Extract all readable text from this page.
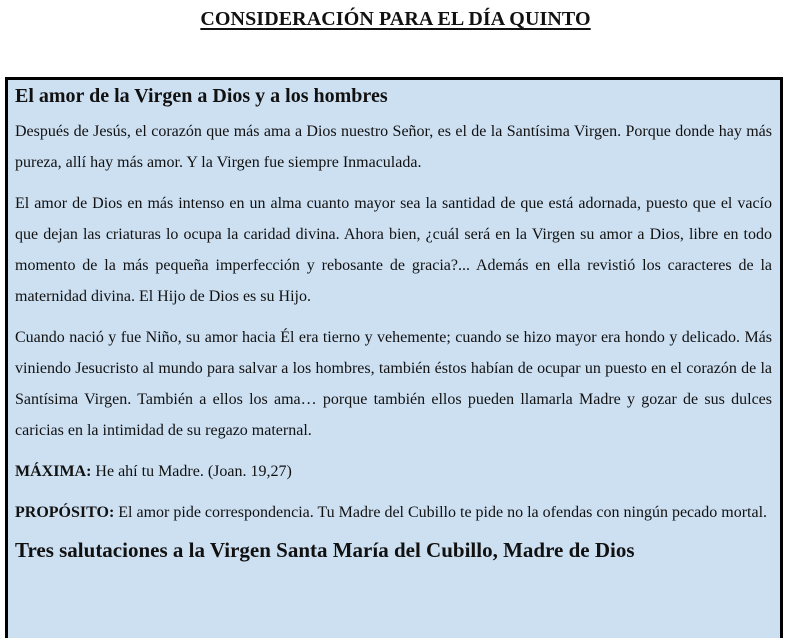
CONSIDERACIÓN PARA EL DÍA QUINTO
El amor de la Virgen a Dios y a los hombres

Después de Jesús, el corazón que más ama a Dios nuestro Señor, es el de la Santísima Virgen. Porque donde hay más pureza, allí hay más amor. Y la Virgen fue siempre Inmaculada.

El amor de Dios en más intenso en un alma cuanto mayor sea la santidad de que está adornada, puesto que el vacío que dejan las criaturas lo ocupa la caridad divina. Ahora bien, ¿cuál será en la Virgen su amor a Dios, libre en todo momento de la más pequeña imperfección y rebosante de gracia?... Además en ella revistió los caracteres de la maternidad divina. El Hijo de Dios es su Hijo.

Cuando nació y fue Niño, su amor hacia Él era tierno y vehemente; cuando se hizo mayor era hondo y delicado. Más viniendo Jesucristo al mundo para salvar a los hombres, también éstos habían de ocupar un puesto en el corazón de la Santísima Virgen. También a ellos los ama… porque también ellos pueden llamarla Madre y gozar de sus dulces caricias en la intimidad de su regazo maternal.

MÁXIMA: He ahí tu Madre. (Joan. 19,27)

PROPÓSITO: El amor pide correspondencia. Tu Madre del Cubillo te pide no la ofendas con ningún pecado mortal.

Tres salutaciones a la Virgen Santa María del Cubillo, Madre de Dios
